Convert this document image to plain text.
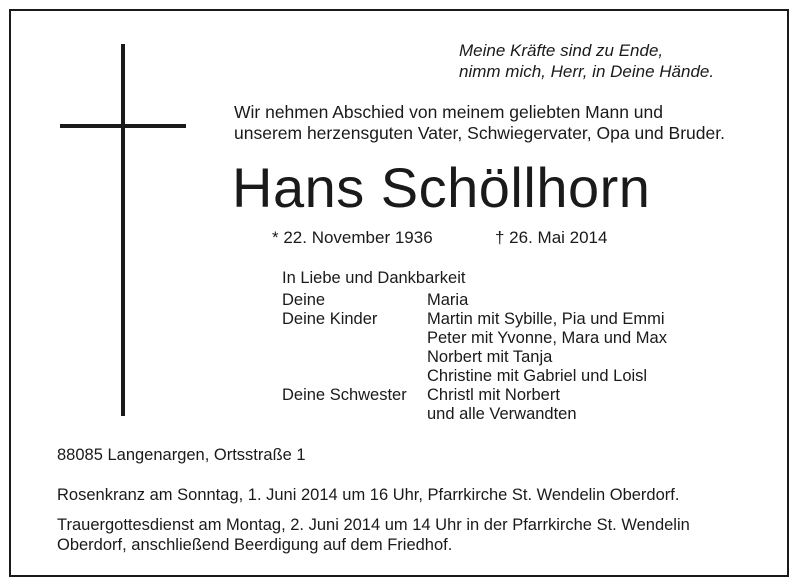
Meine Kräfte sind zu Ende,
nimm mich, Herr, in Deine Hände.
Wir nehmen Abschied von meinem geliebten Mann und
unserem herzensguten Vater, Schwiegervater, Opa und Bruder.
Hans Schöllhorn
* 22. November 1936	† 26. Mai 2014
In Liebe und Dankbarkeit
Deine	Maria
Deine Kinder	Martin mit Sybille, Pia und Emmi
Peter mit Yvonne, Mara und Max
Norbert mit Tanja
Christine mit Gabriel und Loisl
Deine Schwester	Christl mit Norbert
und alle Verwandten
88085 Langenargen, Ortsstraße 1
Rosenkranz am Sonntag, 1. Juni 2014 um 16 Uhr, Pfarrkirche St. Wendelin Oberdorf.
Trauergottesdienst am Montag, 2. Juni 2014 um 14 Uhr in der Pfarrkirche St. Wendelin
Oberdorf, anschließend Beerdigung auf dem Friedhof.
